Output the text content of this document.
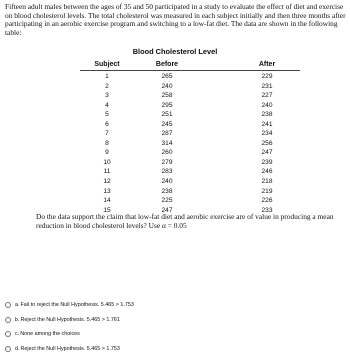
Fifteen adult males between the ages of 35 and 50 participated in a study to evaluate the effect of diet and exercise on blood cholesterol levels. The total cholesterol was measured in each subject initially and then three months after participating in an aerobic exercise program and switching to a low-fat diet. The data are shown in the following table:

Blood Cholesterol Level
Subject	Before	After
1	265	229
2	240	231
3	258	227
4	295	240
5	251	238
6	245	241
7	287	234
8	314	256
9	260	247
10	279	239
11	283	246
12	240	218
13	238	219
14	225	226
15	247	233

Do the data support the claim that low-fat diet and aerobic exercise are of value in producing a mean reduction in blood cholesterol levels? Use α = 0.05

a. Fail to reject the Null Hypothesis. 5.465 > 1.753
b. Reject the Null Hypothesis. 5.465 > 1.761
c. None among the choices
d. Reject the Null Hypothesis. 5.465 > 1.753
